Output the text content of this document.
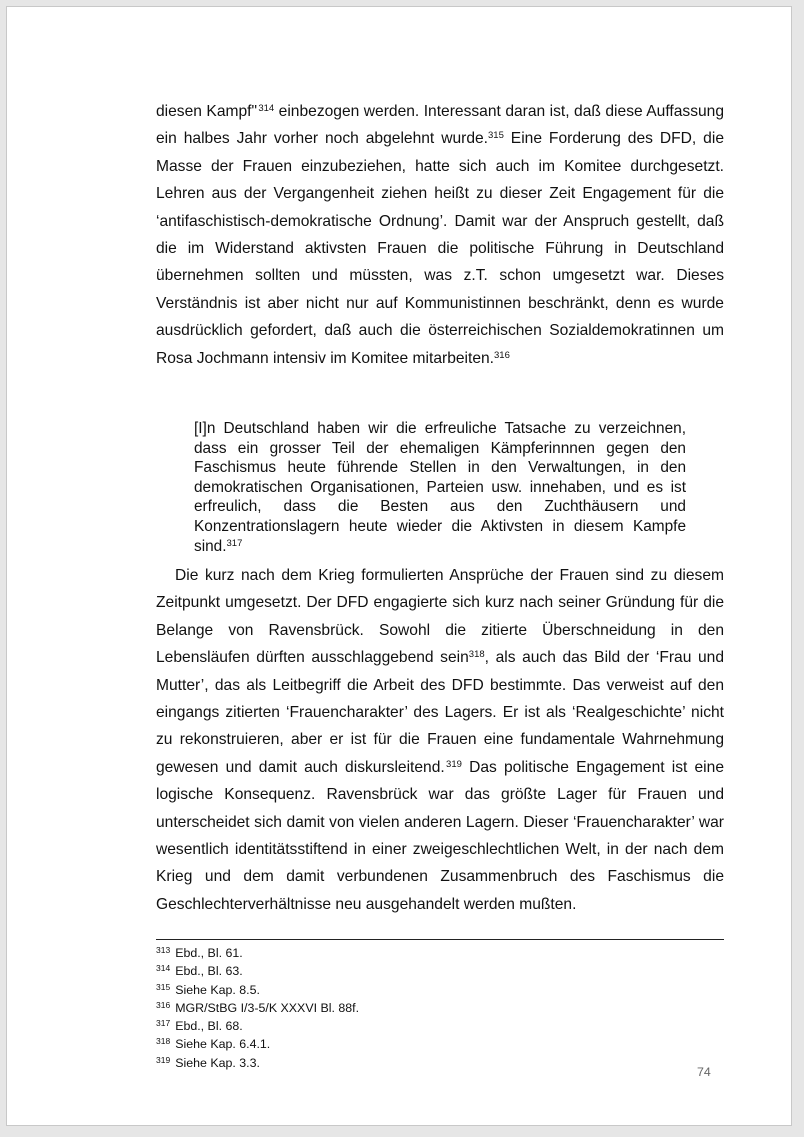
diesen Kampf" $^{314}$ einbezogen werden. Interessant daran ist, daß diese Auffassung ein halbes Jahr vorher noch abgelehnt wurde.$^{315}$ Eine Forderung des DFD, die Masse der Frauen einzubeziehen, hatte sich auch im Komitee durchgesetzt. Lehren aus der Vergangenheit ziehen heißt zu dieser Zeit Engagement für die ‘antifaschistisch-demokratische Ordnung’. Damit war der Anspruch gestellt, daß die im Widerstand aktivsten Frauen die politische Führung in Deutschland übernehmen sollten und müssten, was z.T. schon umgesetzt war. Dieses Verständnis ist aber nicht nur auf Kommunistinnen beschränkt, denn es wurde ausdrücklich gefordert, daß auch die österreichischen Sozialdemokratinnen um Rosa Jochmann intensiv im Komitee mitarbeiten.$^{316}$

[I]n Deutschland haben wir die erfreuliche Tatsache zu verzeichnen, dass ein grosser Teil der ehemaligen Kämpferinnnen gegen den Faschismus heute führende Stellen in den Verwaltungen, in den demokratischen Organisationen, Parteien usw. innehaben, und es ist erfreulich, dass die Besten aus den Zuchthäusern und Konzentrationslagern heute wieder die Aktivsten in diesem Kampfe sind.$^{317}$

Die kurz nach dem Krieg formulierten Ansprüche der Frauen sind zu diesem Zeitpunkt umgesetzt. Der DFD engagierte sich kurz nach seiner Gründung für die Belange von Ravensbrück. Sowohl die zitierte Überschneidung in den Lebensläufen dürften ausschlaggebend sein$^{318}$, als auch das Bild der ‘Frau und Mutter’, das als Leitbegriff die Arbeit des DFD bestimmte. Das verweist auf den eingangs zitierten ‘Frauencharakter’ des Lagers. Er ist als ‘Realgeschichte’ nicht zu rekonstruieren, aber er ist für die Frauen eine fundamentale Wahrnehmung gewesen und damit auch diskursleitend. $^{319}$ Das politische Engagement ist eine logische Konsequenz. Ravensbrück war das größte Lager für Frauen und unterscheidet sich damit von vielen anderen Lagern. Dieser ‘Frauencharakter’ war wesentlich identitätsstiftend in einer zweigeschlechtlichen Welt, in der nach dem Krieg und dem damit verbundenen Zusammenbruch des Faschismus die Geschlechterverhältnisse neu ausgehandelt werden mußten.

$^{313}$ Ebd., Bl. 61.
$^{314}$ Ebd., Bl. 63.
$^{315}$ Siehe Kap. 8.5.
$^{316}$ MGR/StBG I/3-5/K XXXVI Bl. 88f.
$^{317}$ Ebd., Bl. 68.
$^{318}$ Siehe Kap. 6.4.1.
$^{319}$ Siehe Kap. 3.3.
74
